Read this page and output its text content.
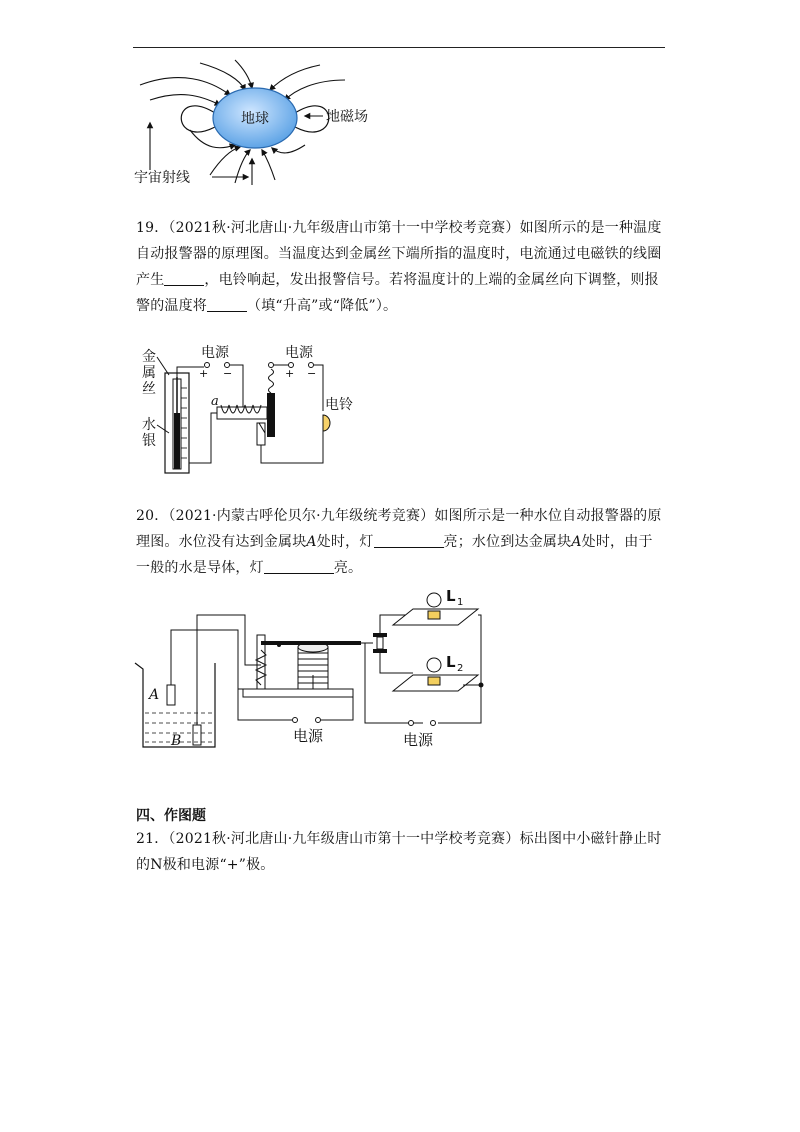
地球	地磁场
宇宙射线
19．（2021秋·河北唐山·九年级唐山市第十一中学校考竞赛）如图所示的是一种温度自动报警器的原理图。当温度达到金属丝下端所指的温度时，电流通过电磁铁的线圈产生	，电铃响起，发出报警信号。若将温度计的上端的金属丝向下调整，则报警的温度将	（填“升高”或“降低”）。
金
属
丝
水
银
电源
+ −
a
电源
+ −
电铃
20．（2021·内蒙古呼伦贝尔·九年级统考竞赛）如图所示是一种水位自动报警器的原理图。水位没有达到金属块A处时，灯	亮；水位到达金属块A处时，由于一般的水是导体，灯	亮。
A
B	电源
L 1
L 2
电源
四、作图题
21．（2021秋·河北唐山·九年级唐山市第十一中学校考竞赛）标出图中小磁针静止时的N极和电源“+”极。
